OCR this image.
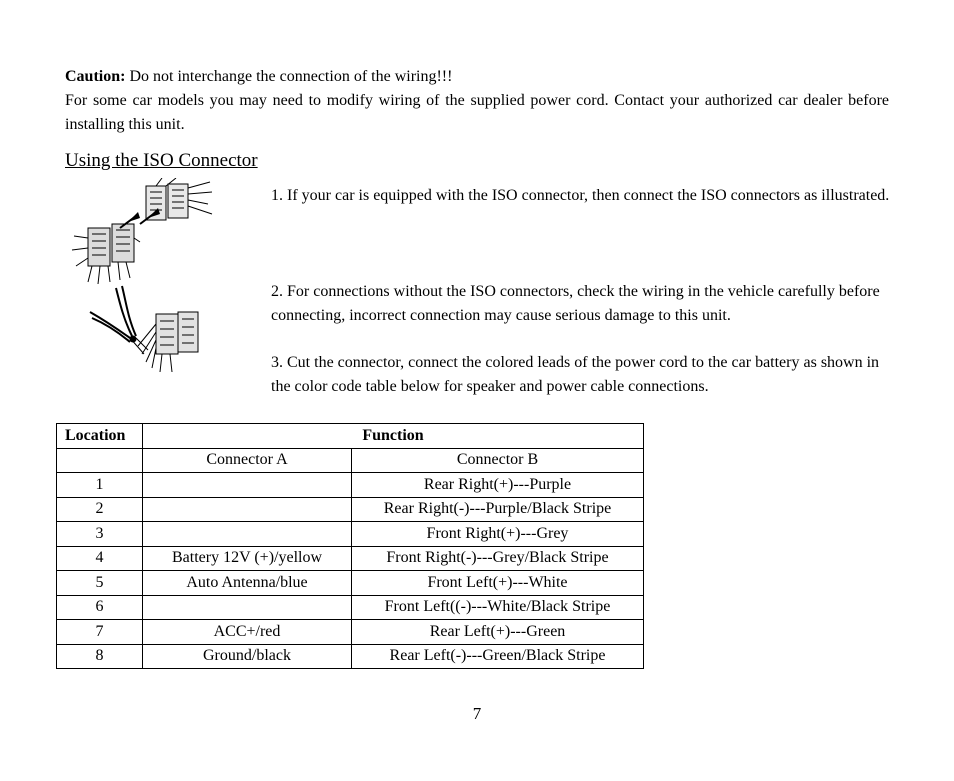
Caution: Do not interchange the connection of the wiring!!!
For some car models you may need to modify wiring of the supplied power cord. Contact your authorized car dealer before installing this unit.
Using the ISO Connector
1. If your car is equipped with the ISO connector, then connect the ISO connectors as illustrated.
2. For connections without the ISO connectors, check the wiring in the vehicle carefully before connecting, incorrect connection may cause serious damage to this unit.
3. Cut the connector, connect the colored leads of the power cord to the car battery as shown in the color code table below for speaker and power cable connections.
Location	Function	
	Connector A	Connector B
1		Rear Right(+)---Purple
2		Rear Right(-)---Purple/Black Stripe
3		Front Right(+)---Grey
4	Battery 12V (+)/yellow	Front Right(-)---Grey/Black Stripe
5	Auto Antenna/blue	Front Left(+)---White
6		Front Left((-)---White/Black Stripe
7	ACC+/red	Rear Left(+)---Green
8	Ground/black	Rear Left(-)---Green/Black Stripe
7
